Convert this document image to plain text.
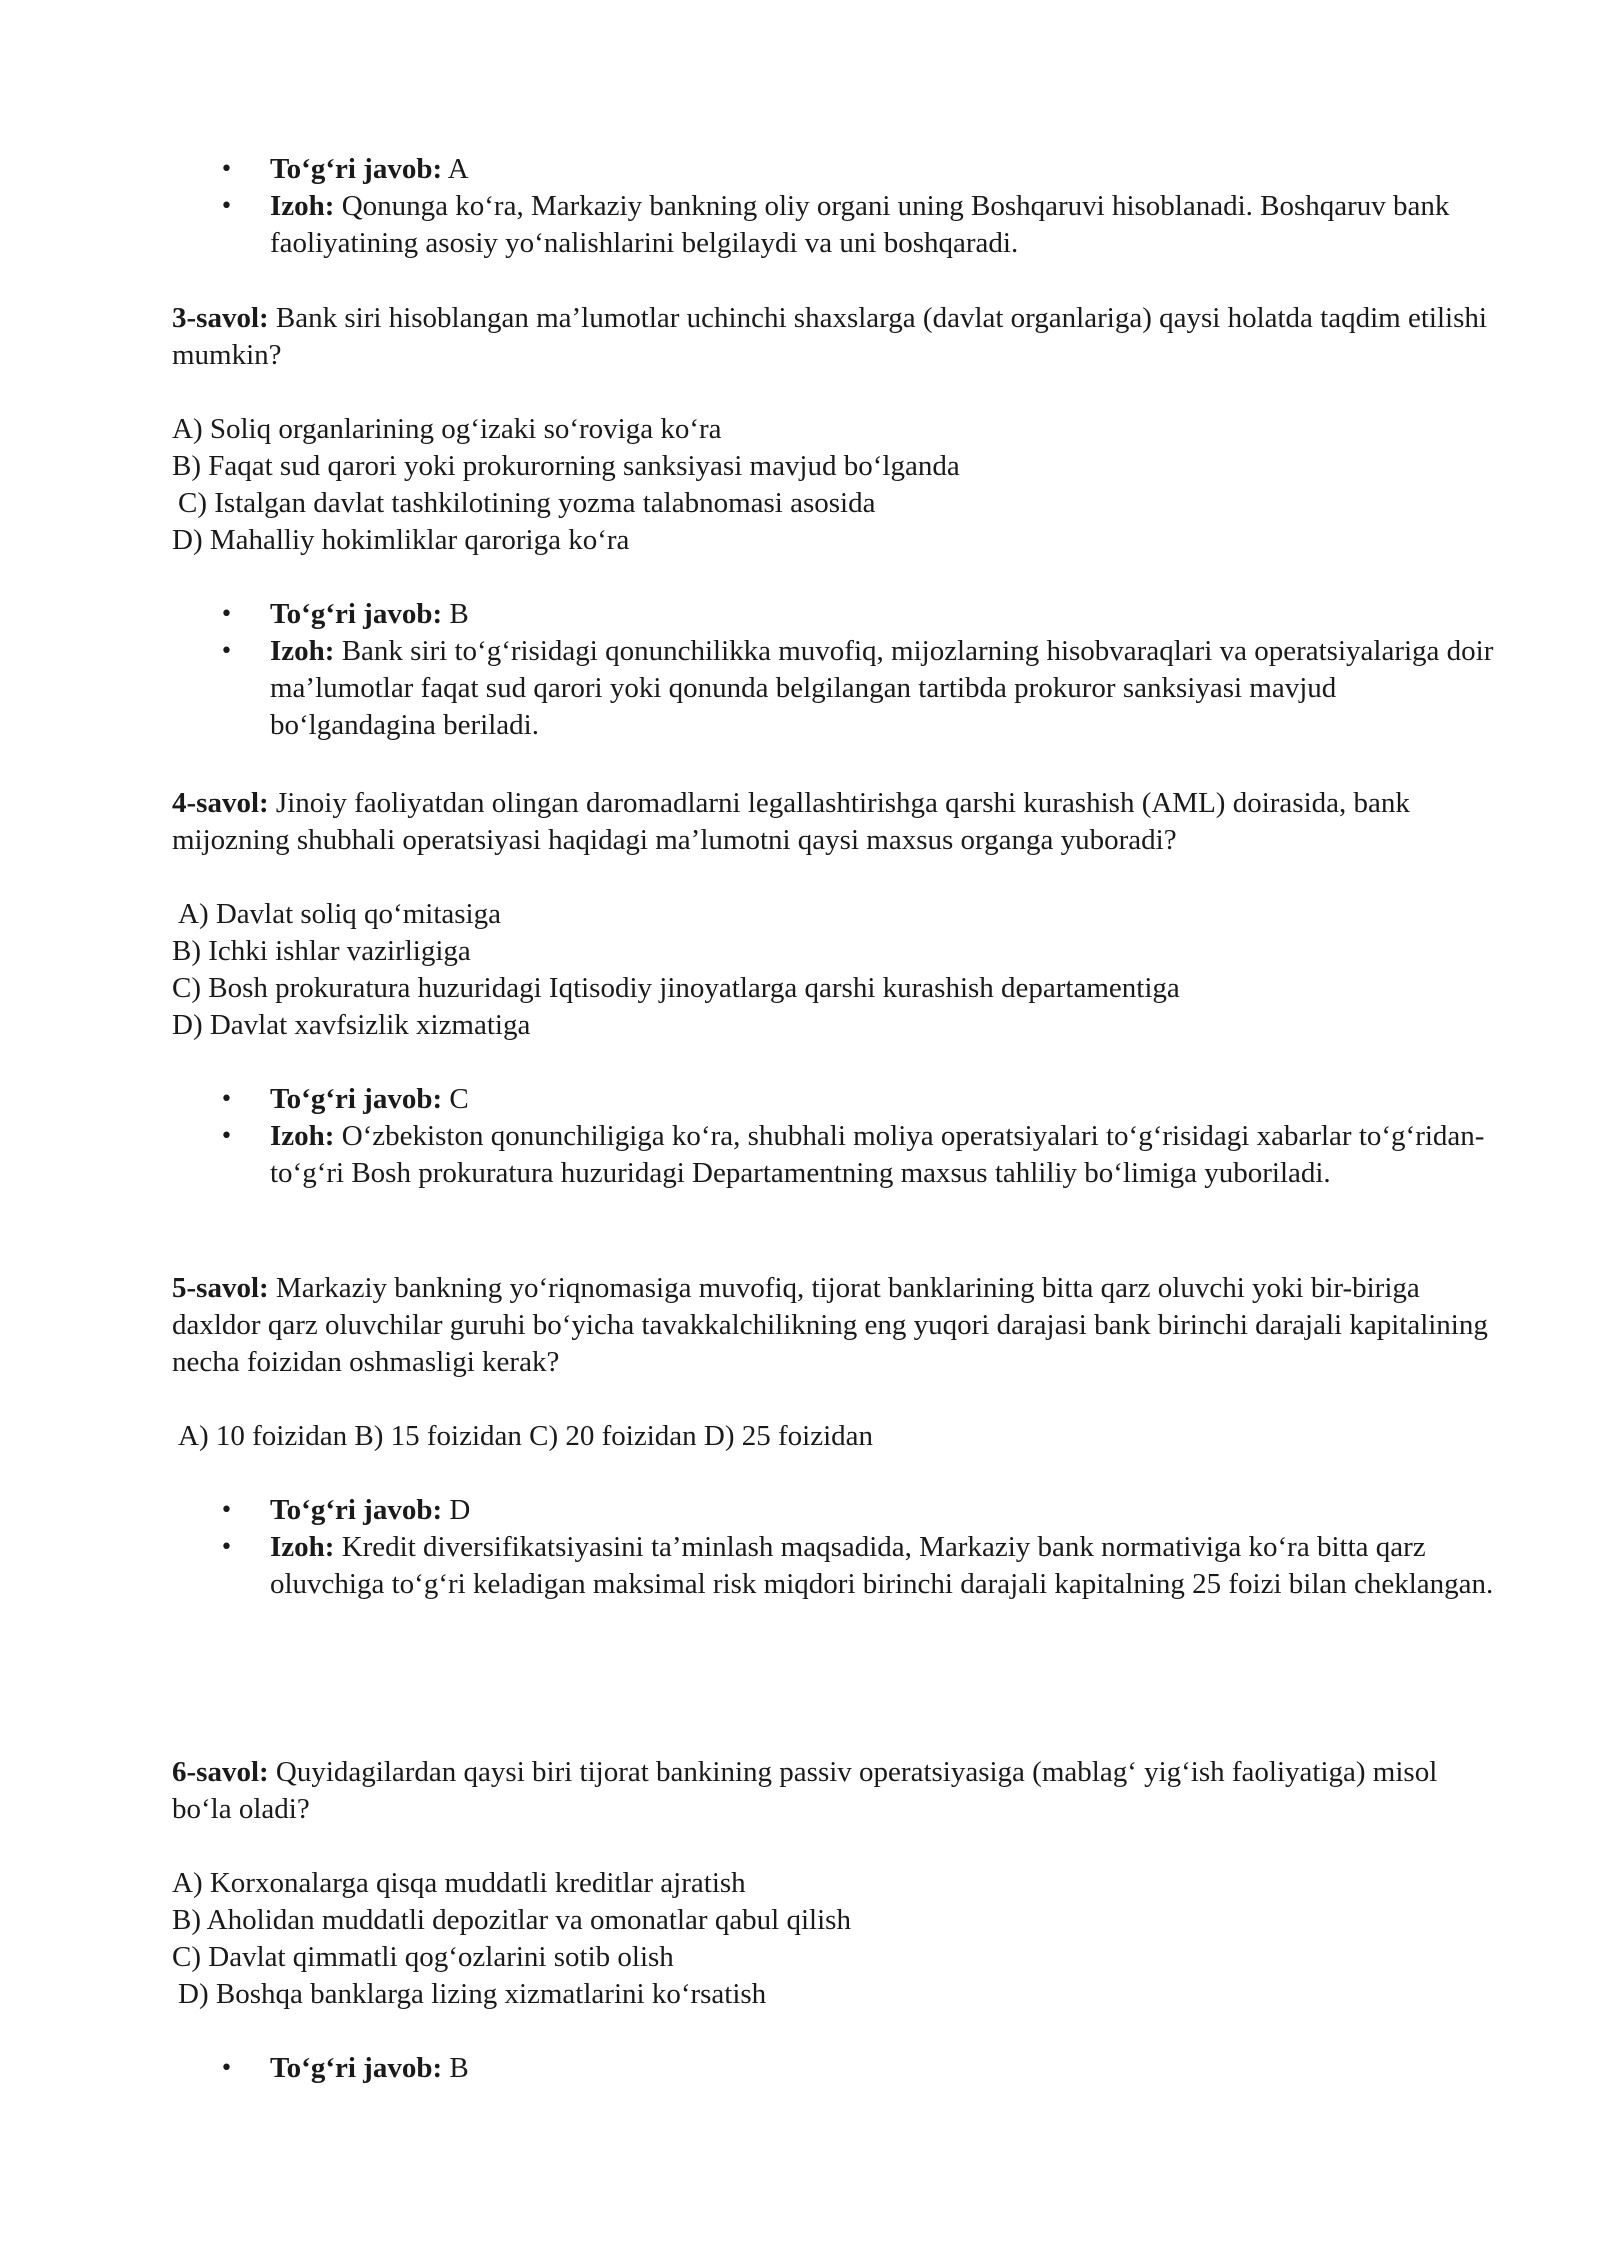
• To‘g‘ri javob: A
• Izoh: Qonunga ko‘ra, Markaziy bankning oliy organi uning Boshqaruvi hisoblanadi. Boshqaruv bank faoliyatining asosiy yo‘nalishlarini belgilaydi va uni boshqaradi.

3-savol: Bank siri hisoblangan ma’lumotlar uchinchi shaxslarga (davlat organlariga) qaysi holatda taqdim etilishi mumkin?

A) Soliq organlarining og‘izaki so‘roviga ko‘ra

B) Faqat sud qarori yoki prokurorning sanksiyasi mavjud bo‘lganda

C) Istalgan davlat tashkilotining yozma talabnomasi asosida

D) Mahalliy hokimliklar qaroriga ko‘ra

• To‘g‘ri javob: B
• Izoh: Bank siri to‘g‘risidagi qonunchilikka muvofiq, mijozlarning hisobvaraqlari va operatsiyalariga doir ma’lumotlar faqat sud qarori yoki qonunda belgilangan tartibda prokuror sanksiyasi mavjud bo‘lgandagina beriladi.

4-savol: Jinoiy faoliyatdan olingan daromadlarni legallashtirishga qarshi kurashish (AML) doirasida, bank mijozning shubhali operatsiyasi haqidagi ma’lumotni qaysi maxsus organga yuboradi?

A) Davlat soliq qo‘mitasiga

B) Ichki ishlar vazirligiga

C) Bosh prokuratura huzuridagi Iqtisodiy jinoyatlarga qarshi kurashish departamentiga

D) Davlat xavfsizlik xizmatiga

• To‘g‘ri javob: C
• Izoh: O‘zbekiston qonunchiligiga ko‘ra, shubhali moliya operatsiyalari to‘g‘risidagi xabarlar to‘g‘ridan-to‘g‘ri Bosh prokuratura huzuridagi Departamentning maxsus tahliliy bo‘limiga yuboriladi.

5-savol: Markaziy bankning yo‘riqnomasiga muvofiq, tijorat banklarining bitta qarz oluvchi yoki bir-biriga daxldor qarz oluvchilar guruhi bo‘yicha tavakkalchilikning eng yuqori darajasi bank birinchi darajali kapitalining necha foizidan oshmasligi kerak?

A) 10 foizidan B) 15 foizidan C) 20 foizidan D) 25 foizidan

• To‘g‘ri javob: D
• Izoh: Kredit diversifikatsiyasini ta’minlash maqsadida, Markaziy bank normativiga ko‘ra bitta qarz oluvchiga to‘g‘ri keladigan maksimal risk miqdori birinchi darajali kapitalning 25 foizi bilan cheklangan.

6-savol: Quyidagilardan qaysi biri tijorat bankining passiv operatsiyasiga (mablag‘ yig‘ish faoliyatiga) misol bo‘la oladi?

A) Korxonalarga qisqa muddatli kreditlar ajratish

B) Aholidan muddatli depozitlar va omonatlar qabul qilish

C) Davlat qimmatli qog‘ozlarini sotib olish

D) Boshqa banklarga lizing xizmatlarini ko‘rsatish

• To‘g‘ri javob: B
